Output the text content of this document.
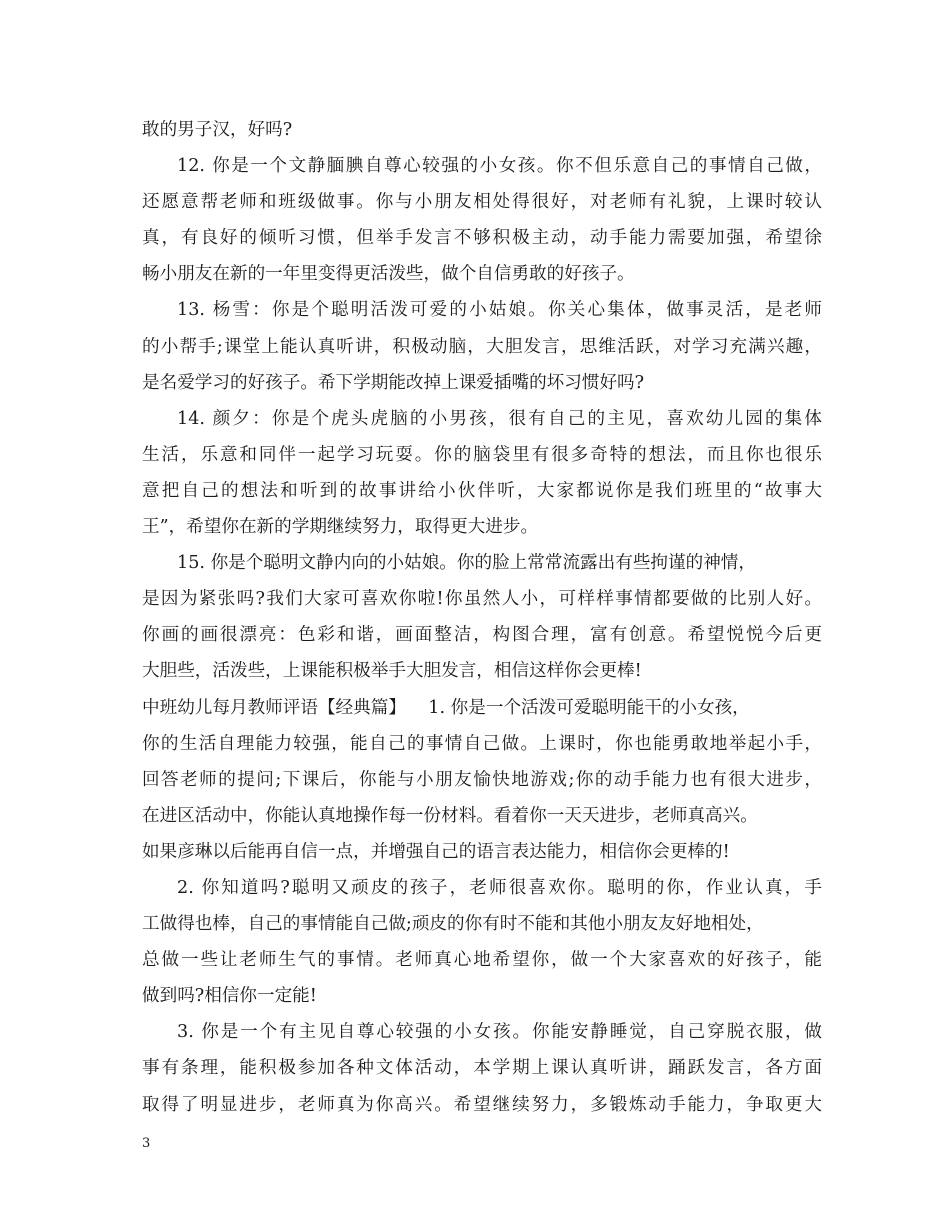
敢的男子汉，好吗?
12. 你是一个文静腼腆自尊心较强的小女孩。你不但乐意自己的事情自己做，
还愿意帮老师和班级做事。你与小朋友相处得很好，对老师有礼貌，上课时较认
真，有良好的倾听习惯，但举手发言不够积极主动，动手能力需要加强，希望徐
畅小朋友在新的一年里变得更活泼些，做个自信勇敢的好孩子。
13. 杨雪：你是个聪明活泼可爱的小姑娘。你关心集体，做事灵活，是老师
的小帮手;课堂上能认真听讲，积极动脑，大胆发言，思维活跃，对学习充满兴趣，
是名爱学习的好孩子。希下学期能改掉上课爱插嘴的坏习惯好吗?
14. 颜夕：你是个虎头虎脑的小男孩，很有自己的主见，喜欢幼儿园的集体
生活，乐意和同伴一起学习玩耍。你的脑袋里有很多奇特的想法，而且你也很乐
意把自己的想法和听到的故事讲给小伙伴听，大家都说你是我们班里的“故事大
王”，希望你在新的学期继续努力，取得更大进步。
15. 你是个聪明文静内向的小姑娘。你的脸上常常流露出有些拘谨的神情，
是因为紧张吗?我们大家可喜欢你啦!你虽然人小，可样样事情都要做的比别人好。
你画的画很漂亮：色彩和谐，画面整洁，构图合理，富有创意。希望悦悦今后更
大胆些，活泼些，上课能积极举手大胆发言，相信这样你会更棒!
中班幼儿每月教师评语【经典篇】    1. 你是一个活泼可爱聪明能干的小女孩，
你的生活自理能力较强，能自己的事情自己做。上课时，你也能勇敢地举起小手，
回答老师的提问;下课后，你能与小朋友愉快地游戏;你的动手能力也有很大进步，
在进区活动中，你能认真地操作每一份材料。看着你一天天进步，老师真高兴。
如果彦琳以后能再自信一点，并增强自己的语言表达能力，相信你会更棒的!
2. 你知道吗?聪明又顽皮的孩子，老师很喜欢你。聪明的你，作业认真，手
工做得也棒，自己的事情能自己做;顽皮的你有时不能和其他小朋友友好地相处，
总做一些让老师生气的事情。老师真心地希望你，做一个大家喜欢的好孩子，能
做到吗?相信你一定能!
3. 你是一个有主见自尊心较强的小女孩。你能安静睡觉，自己穿脱衣服，做
事有条理，能积极参加各种文体活动，本学期上课认真听讲，踊跃发言，各方面
取得了明显进步，老师真为你高兴。希望继续努力，多锻炼动手能力，争取更大
3
